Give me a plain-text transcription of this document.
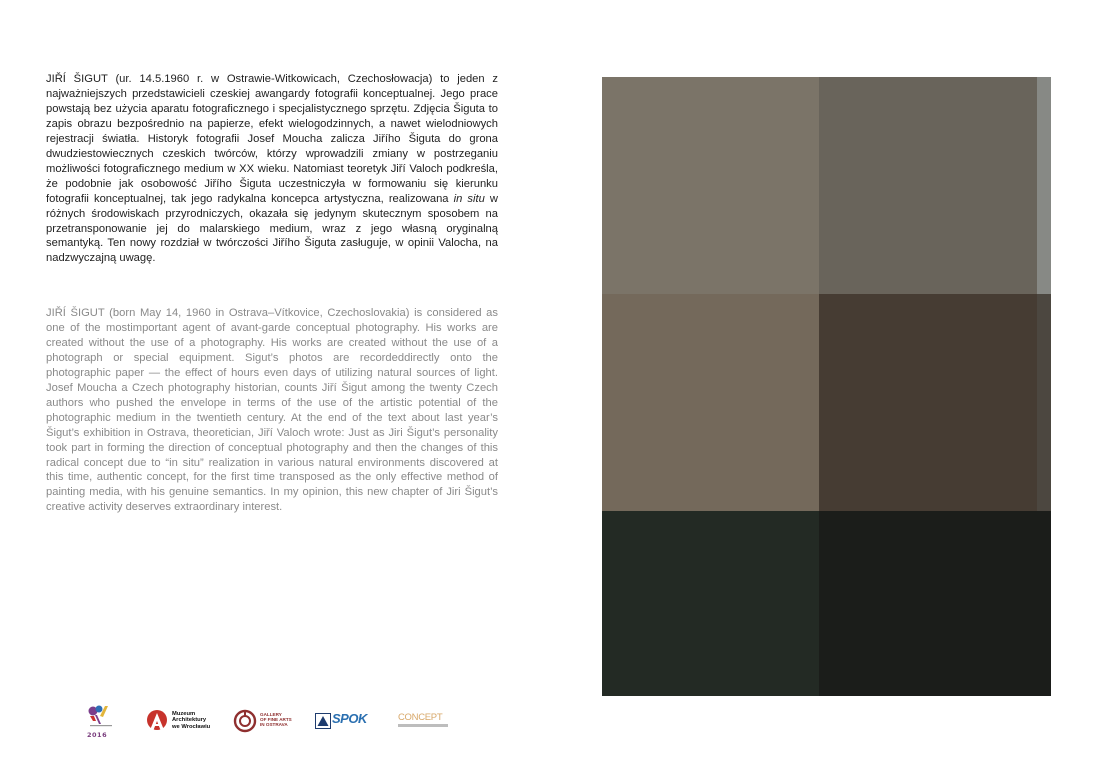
JIŘÍ ŠIGUT (ur. 14.5.1960 r. w Ostrawie-Witkowicach, Czechosłowacja) to jeden z najważniejszych przedstawicieli czeskiej awangardy fotografii konceptualnej. Jego prace powstają bez użycia aparatu fotograficznego i specjalistycznego sprzętu. Zdjęcia Šiguta to zapis obrazu bezpośrednio na papierze, efekt wielogodzinnych, a nawet wielodniowych rejestracji światła. Historyk fotografii Josef Moucha zalicza Jiřího Šiguta do grona dwudziestowiecznych czeskich twórców, którzy wprowadzili zmiany w postrzeganiu możliwości fotograficznego medium w XX wieku. Natomiast teoretyk Jiří Valoch podkreśla, że podobnie jak osobowość Jiřího Šiguta uczestniczyła w formowaniu się kierunku fotografii konceptualnej, tak jego radykalna koncepca artystyczna, realizowana in situ w różnych środowiskach przyrodniczych, okazała się jedynym skutecznym sposobem na przetransponowanie jej do malarskiego medium, wraz z jego własną oryginalną semantyką. Ten nowy rozdział w twórczości Jiřího Šiguta zasługuje, w opinii Valocha, na nadzwyczajną uwagę.

JIŘÍ ŠIGUT (born May 14, 1960 in Ostrava–Vítkovice, Czechoslovakia) is considered as one of the mostimportant agent of avant-garde conceptual photography. His works are created without the use of a photography. His works are created without the use of a photograph or special equipment. Sigut’s photos are recordeddirectly onto the photographic paper — the effect of hours even days of utilizing natural sources of light. Josef Moucha a Czech photography historian, counts Jiří Šigut among the twenty Czech authors who pushed the envelope in terms of the use of the artistic potential of the photographic medium in the twentieth century. At the end of the text about last year’s Šigut’s exhibition in Ostrava, theoretician, Jiří Valoch wrote: Just as Jiri Šigut’s personality took part in forming the direction of conceptual photography and then the changes of this radical concept due to “in situ” realization in various natural environments discovered at this time, authentic concept, for the first time transposed as the only effective method of painting media, with his genuine semantics. In my opinion, this new chapter of Jiri Šigut’s creative activity deserves extraordinary interest.

2016
Muzeum
Architektury
we Wrocławiu
GALLERY
OF FINE ARTS
IN OSTRAVA	SPOK	CONCEPT
